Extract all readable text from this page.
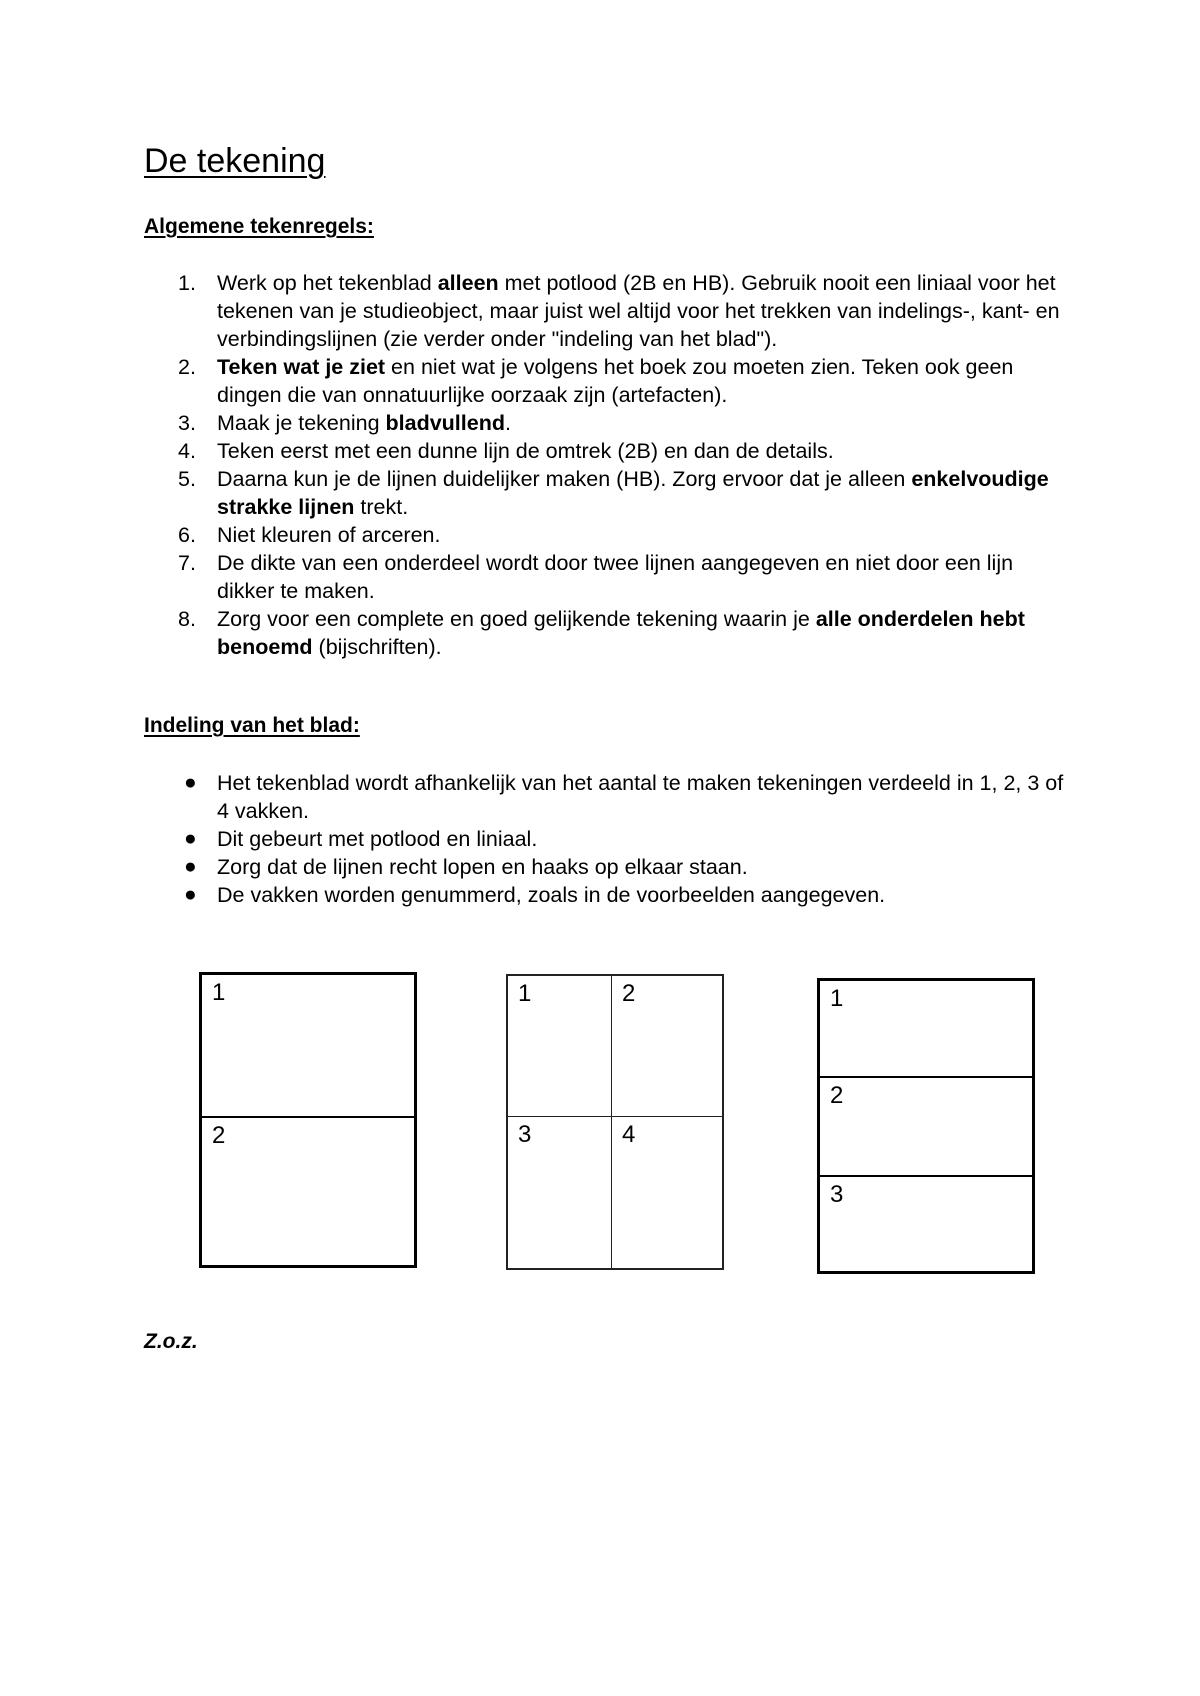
De tekening
Algemene tekenregels:
1. Werk op het tekenblad alleen met potlood (2B en HB). Gebruik nooit een liniaal voor het tekenen van je studieobject, maar juist wel altijd voor het trekken van indelings-, kant- en verbindingslijnen (zie verder onder "indeling van het blad").
2. Teken wat je ziet en niet wat je volgens het boek zou moeten zien. Teken ook geen dingen die van onnatuurlijke oorzaak zijn (artefacten).
3. Maak je tekening bladvullend.
4. Teken eerst met een dunne lijn de omtrek (2B) en dan de details.
5. Daarna kun je de lijnen duidelijker maken (HB). Zorg ervoor dat je alleen enkelvoudige strakke lijnen trekt.
6. Niet kleuren of arceren.
7. De dikte van een onderdeel wordt door twee lijnen aangegeven en niet door een lijn dikker te maken.
8. Zorg voor een complete en goed gelijkende tekening waarin je alle onderdelen hebt benoemd (bijschriften).
Indeling van het blad:
● Het tekenblad wordt afhankelijk van het aantal te maken tekeningen verdeeld in 1, 2, 3 of 4 vakken.
● Dit gebeurt met potlood en liniaal.
● Zorg dat de lijnen recht lopen en haaks op elkaar staan.
● De vakken worden genummerd, zoals in de voorbeelden aangegeven.
1
2
1	2
3	4
1
2
3

Z.o.z.
